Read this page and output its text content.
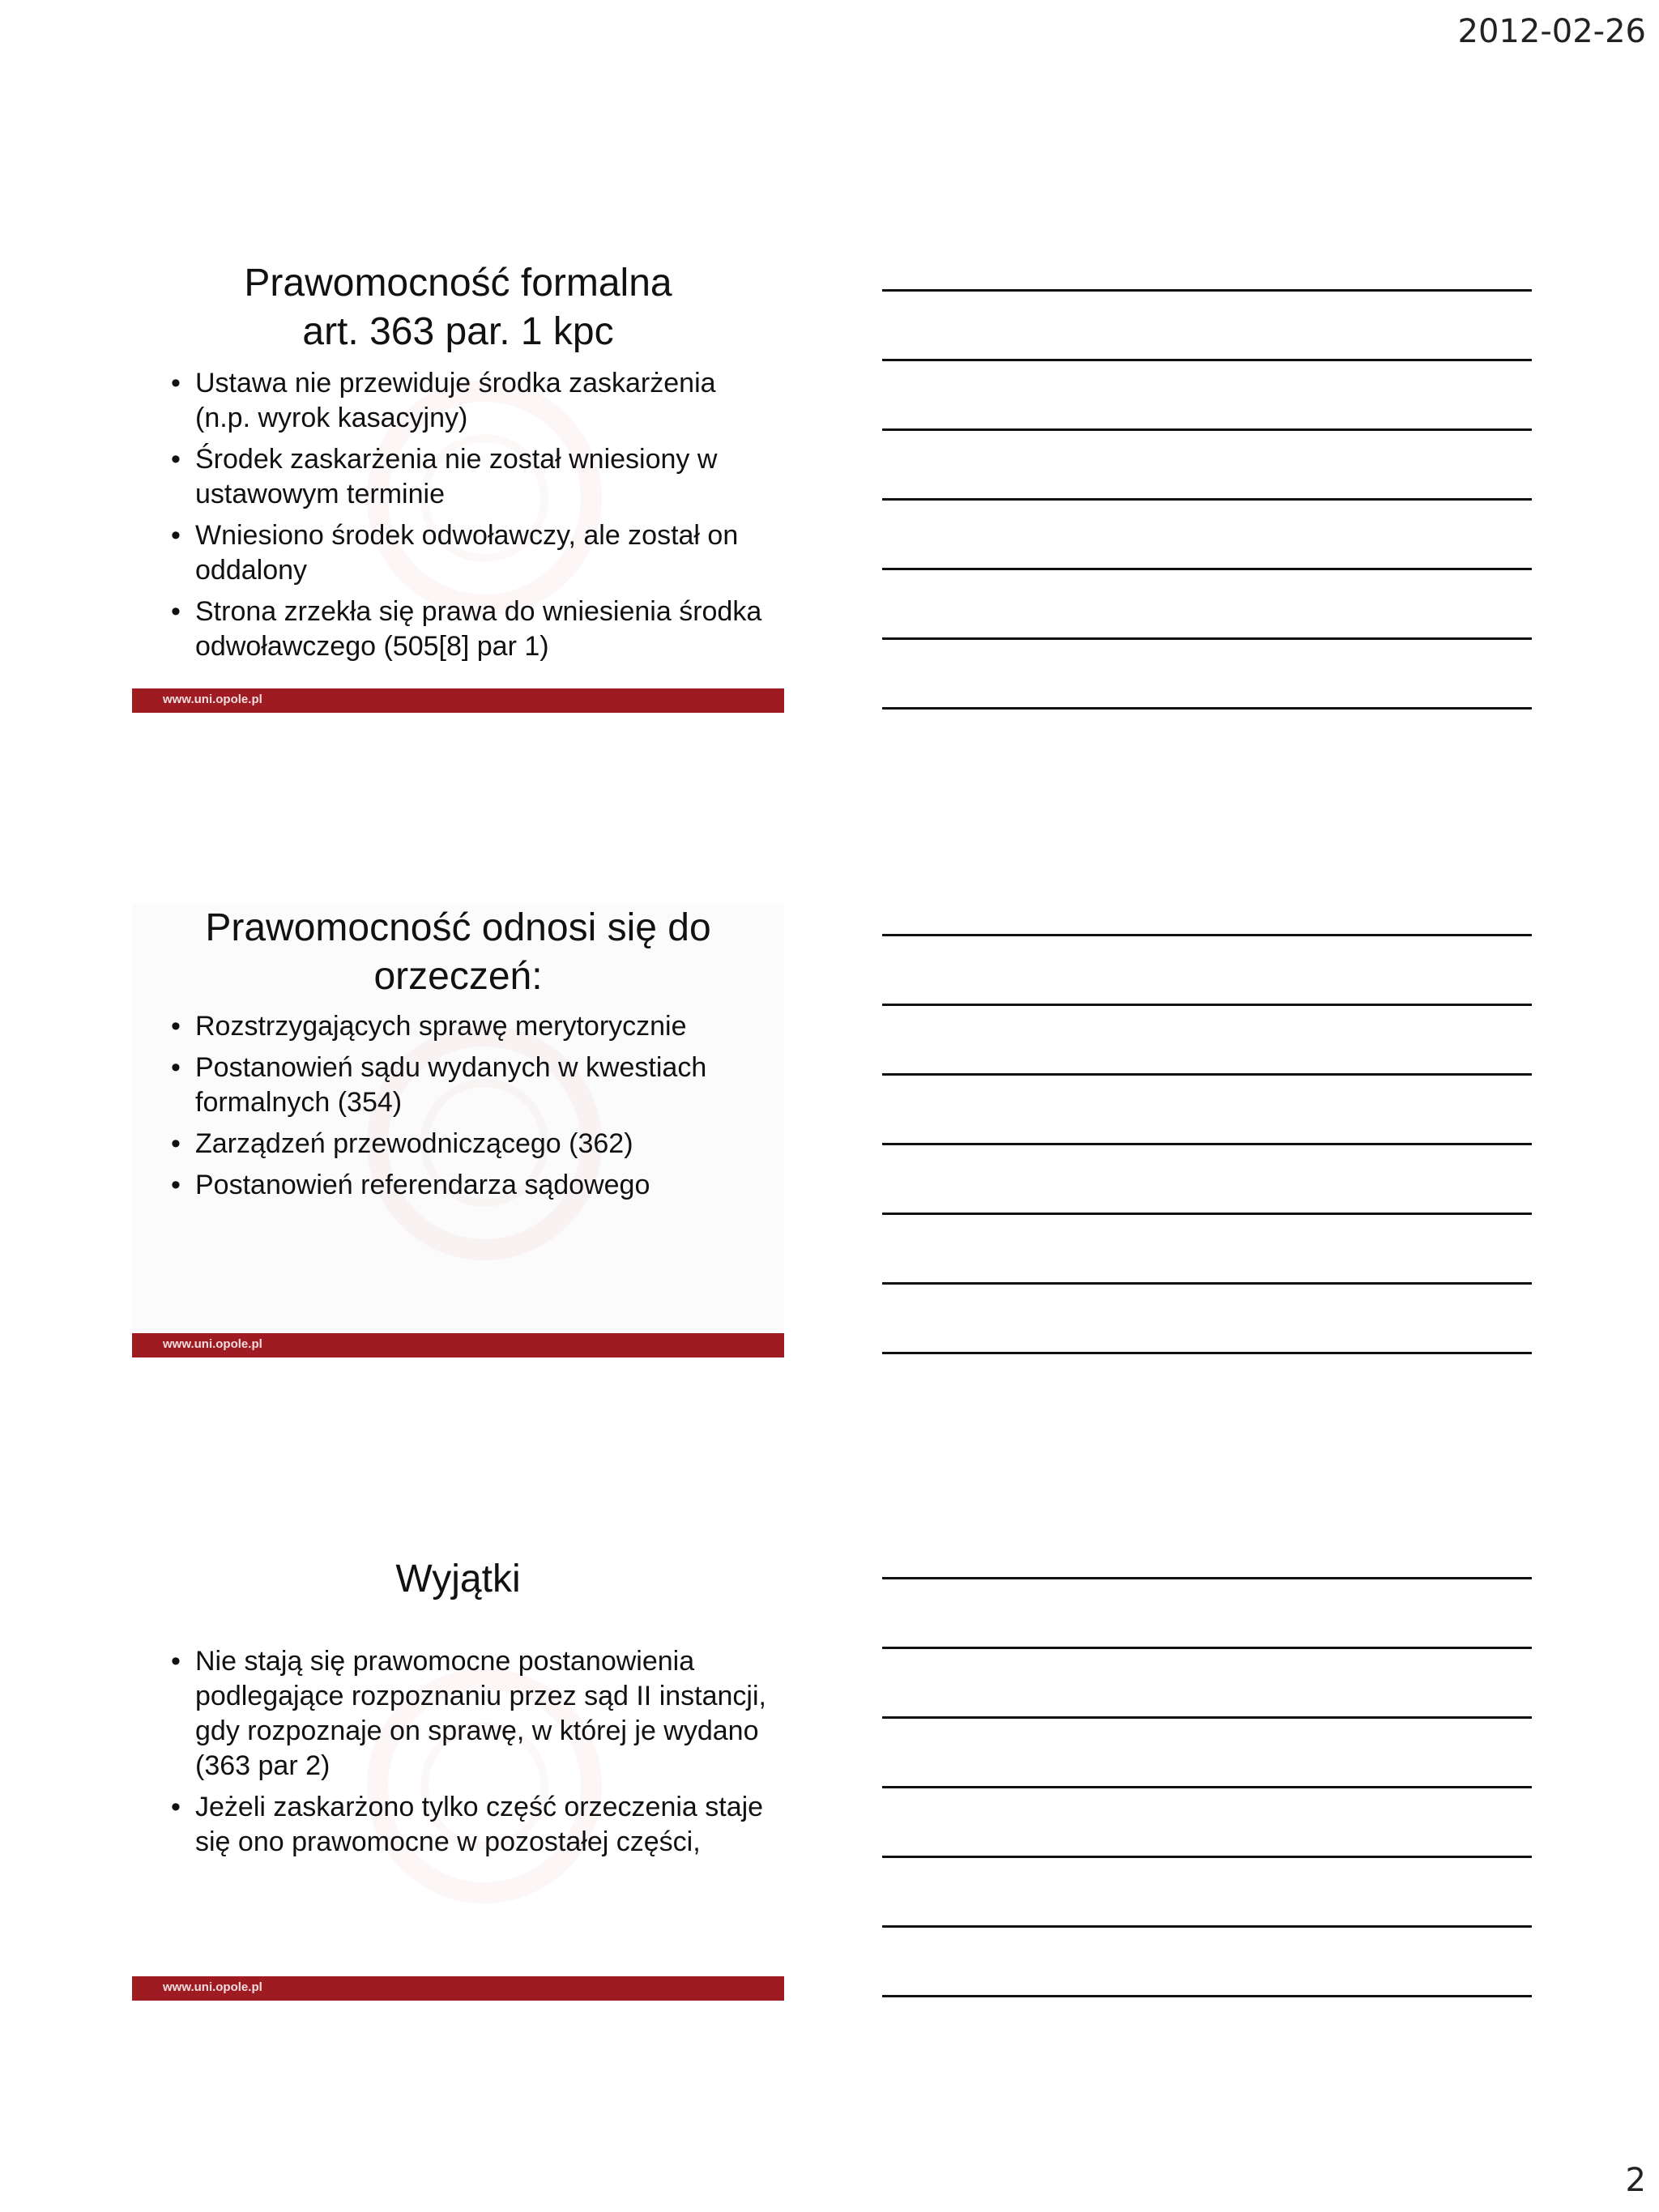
2012-02-26
Prawomocność formalna
art. 363 par. 1 kpc
• Ustawa nie przewiduje środka zaskarżenia (n.p. wyrok kasacyjny)
• Środek zaskarżenia nie został wniesiony w ustawowym terminie
• Wniesiono środek odwoławczy, ale został on oddalony
• Strona zrzekła się prawa do wniesienia środka odwoławczego (505[8] par 1)
www.uni.opole.pl
Prawomocność odnosi się do
orzeczeń:
• Rozstrzygających sprawę merytorycznie
• Postanowień sądu wydanych w kwestiach formalnych (354)
• Zarządzeń przewodniczącego (362)
• Postanowień referendarza sądowego
www.uni.opole.pl
Wyjątki
• Nie stają się prawomocne postanowienia podlegające rozpoznaniu przez sąd II instancji, gdy rozpoznaje on sprawę, w której je wydano (363 par 2)
• Jeżeli zaskarżono tylko część orzeczenia staje się ono prawomocne w pozostałej części,
www.uni.opole.pl
2
